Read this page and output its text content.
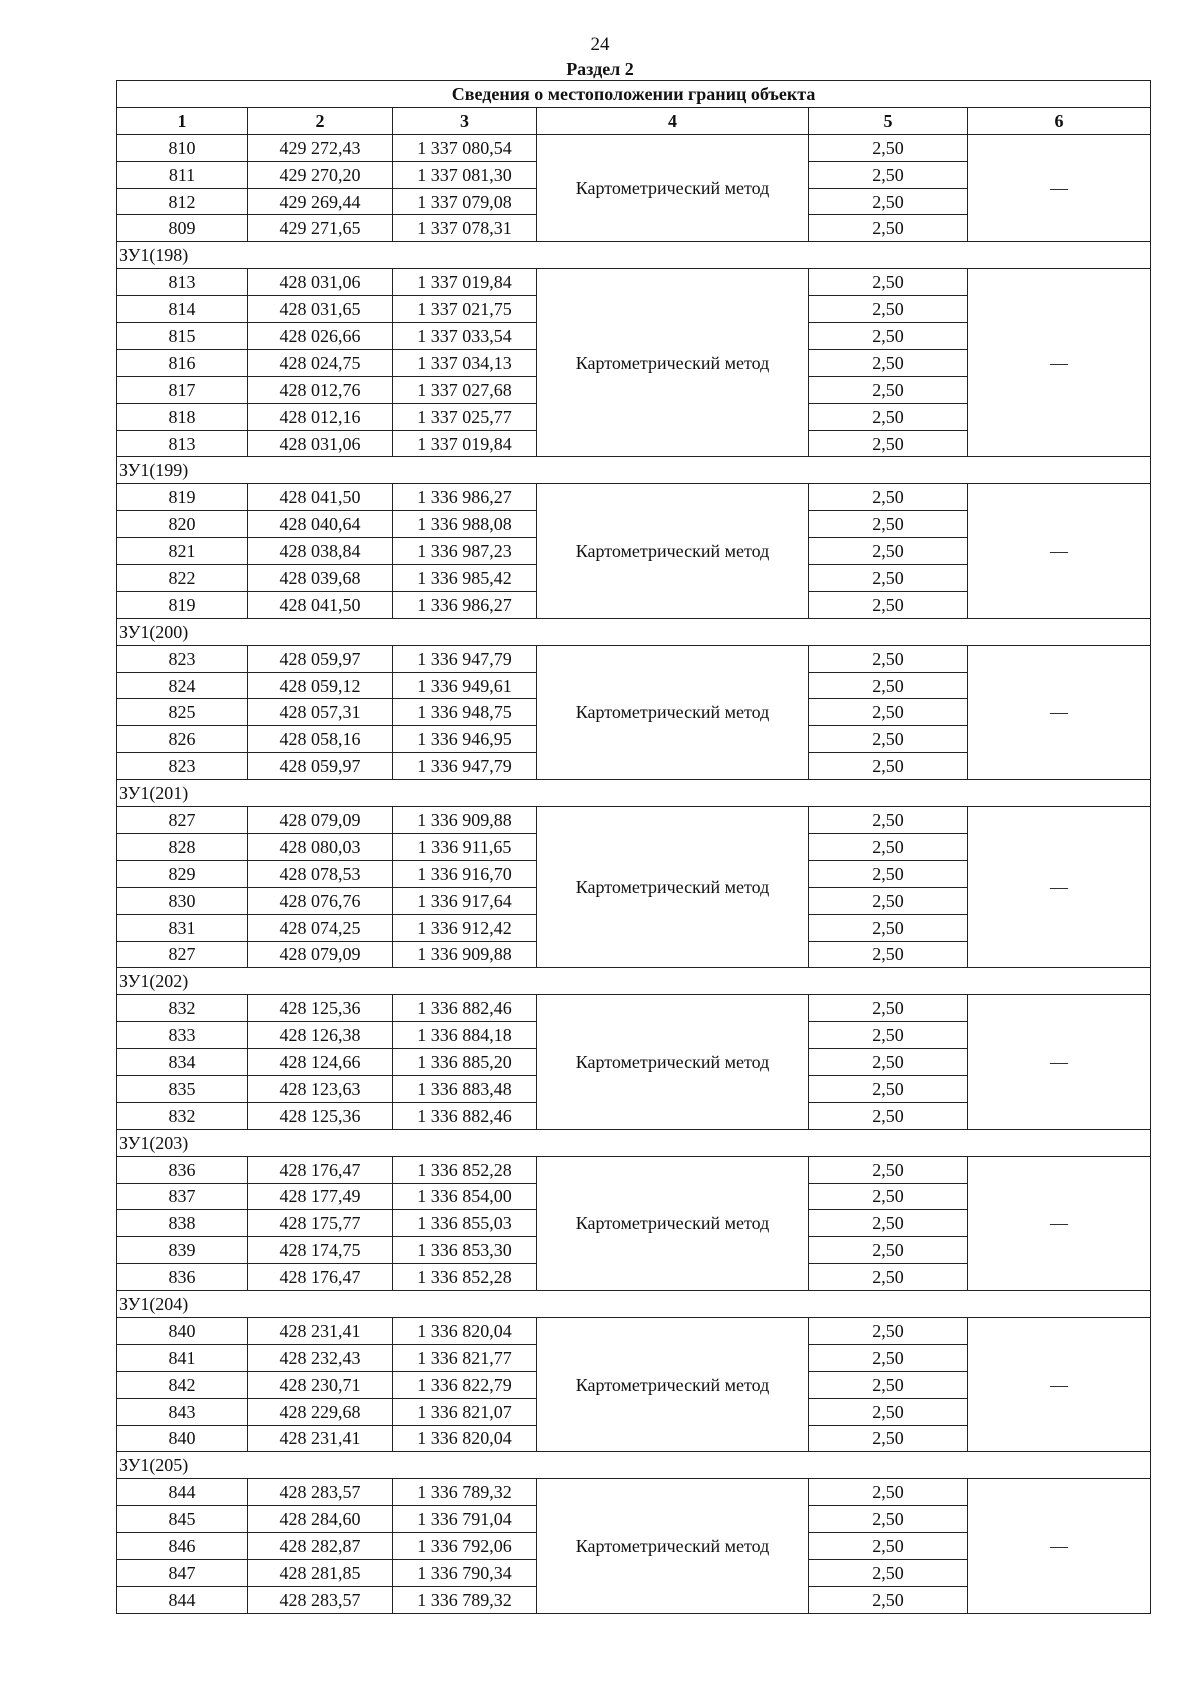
24
Раздел 2
Сведения о местоположении границ объекта					
1	2	3	4	5	6
810	429 272,43	1 337 080,54	Картометрический метод	2,50	—
811	429 270,20	1 337 081,30		2,50	
812	429 269,44	1 337 079,08		2,50	
809	429 271,65	1 337 078,31		2,50	
ЗУ1(198)					
813	428 031,06	1 337 019,84	Картометрический метод	2,50	—
814	428 031,65	1 337 021,75		2,50	
815	428 026,66	1 337 033,54		2,50	
816	428 024,75	1 337 034,13		2,50	
817	428 012,76	1 337 027,68		2,50	
818	428 012,16	1 337 025,77		2,50	
813	428 031,06	1 337 019,84		2,50	
ЗУ1(199)					
819	428 041,50	1 336 986,27	Картометрический метод	2,50	—
820	428 040,64	1 336 988,08		2,50	
821	428 038,84	1 336 987,23		2,50	
822	428 039,68	1 336 985,42		2,50	
819	428 041,50	1 336 986,27		2,50	
ЗУ1(200)					
823	428 059,97	1 336 947,79	Картометрический метод	2,50	—
824	428 059,12	1 336 949,61		2,50	
825	428 057,31	1 336 948,75		2,50	
826	428 058,16	1 336 946,95		2,50	
823	428 059,97	1 336 947,79		2,50	
ЗУ1(201)					
827	428 079,09	1 336 909,88	Картометрический метод	2,50	—
828	428 080,03	1 336 911,65		2,50	
829	428 078,53	1 336 916,70		2,50	
830	428 076,76	1 336 917,64		2,50	
831	428 074,25	1 336 912,42		2,50	
827	428 079,09	1 336 909,88		2,50	
ЗУ1(202)					
832	428 125,36	1 336 882,46	Картометрический метод	2,50	—
833	428 126,38	1 336 884,18		2,50	
834	428 124,66	1 336 885,20		2,50	
835	428 123,63	1 336 883,48		2,50	
832	428 125,36	1 336 882,46		2,50	
ЗУ1(203)					
836	428 176,47	1 336 852,28	Картометрический метод	2,50	—
837	428 177,49	1 336 854,00		2,50	
838	428 175,77	1 336 855,03		2,50	
839	428 174,75	1 336 853,30		2,50	
836	428 176,47	1 336 852,28		2,50	
ЗУ1(204)					
840	428 231,41	1 336 820,04	Картометрический метод	2,50	—
841	428 232,43	1 336 821,77		2,50	
842	428 230,71	1 336 822,79		2,50	
843	428 229,68	1 336 821,07		2,50	
840	428 231,41	1 336 820,04		2,50	
ЗУ1(205)					
844	428 283,57	1 336 789,32	Картометрический метод	2,50	—
845	428 284,60	1 336 791,04		2,50	
846	428 282,87	1 336 792,06		2,50	
847	428 281,85	1 336 790,34		2,50	
844	428 283,57	1 336 789,32		2,50	
